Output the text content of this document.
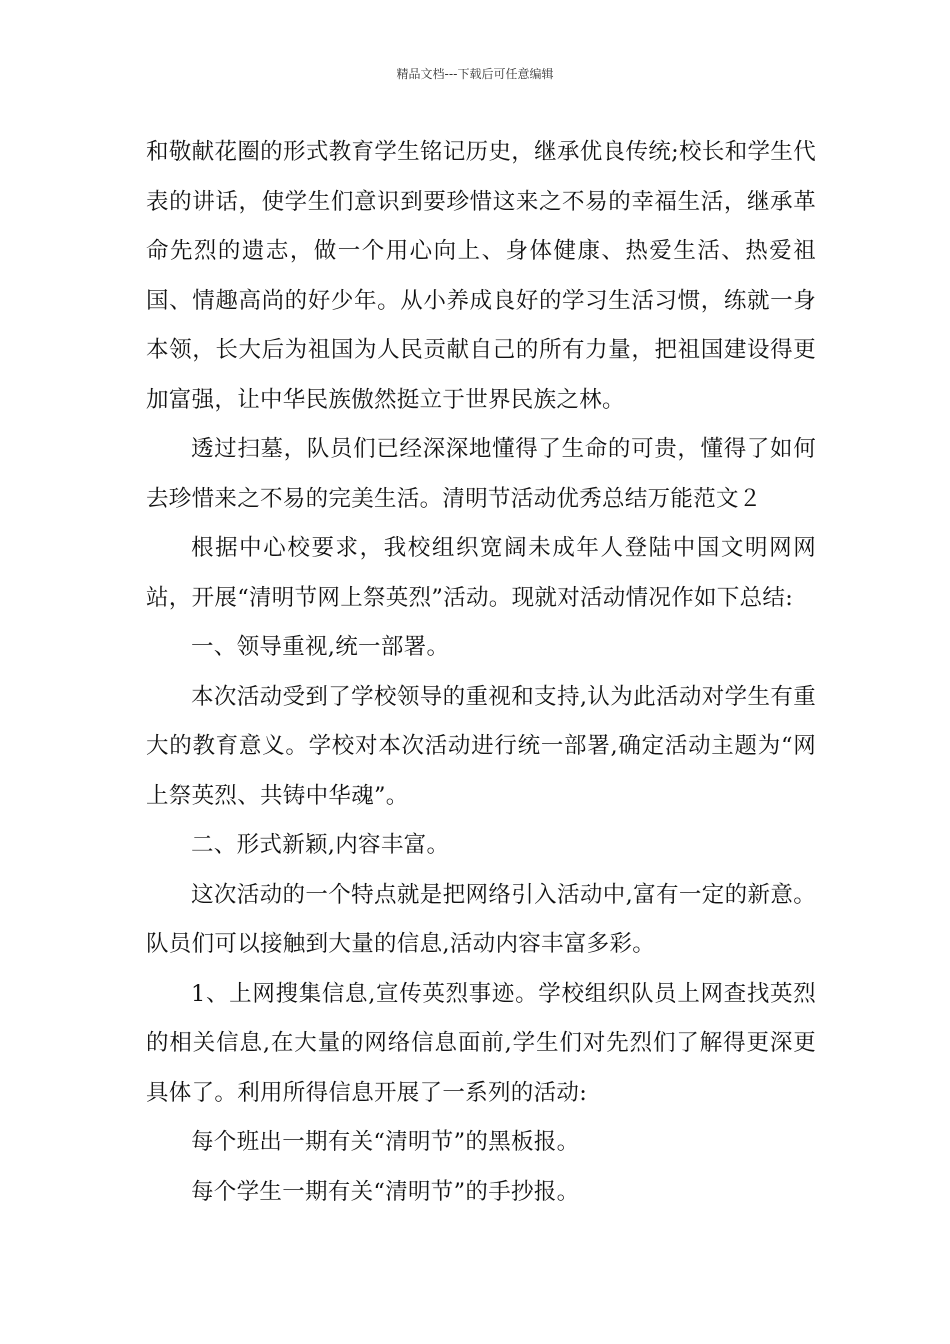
精品文档---下载后可任意编辑

和敬献花圈的形式教育学生铭记历史，继承优良传统;校长和学生代表的讲话，使学生们意识到要珍惜这来之不易的幸福生活，继承革命先烈的遗志，做一个用心向上、身体健康、热爱生活、热爱祖国、情趣高尚的好少年。从小养成良好的学习生活习惯，练就一身本领，长大后为祖国为人民贡献自己的所有力量，把祖国建设得更加富强，让中华民族傲然挺立于世界民族之林。

透过扫墓，队员们已经深深地懂得了生命的可贵，懂得了如何去珍惜来之不易的完美生活。清明节活动优秀总结万能范文２

根据中心校要求，我校组织宽阔未成年人登陆中国文明网网站，开展“清明节网上祭英烈”活动。现就对活动情况作如下总结:

一、领导重视,统一部署。

本次活动受到了学校领导的重视和支持,认为此活动对学生有重大的教育意义。学校对本次活动进行统一部署,确定活动主题为“网上祭英烈、共铸中华魂”。

二、形式新颖,内容丰富。

这次活动的一个特点就是把网络引入活动中,富有一定的新意。队员们可以接触到大量的信息,活动内容丰富多彩。

1、上网搜集信息,宣传英烈事迹。学校组织队员上网查找英烈的相关信息,在大量的网络信息面前,学生们对先烈们了解得更深更具体了。利用所得信息开展了一系列的活动:

每个班出一期有关“清明节”的黑板报。

每个学生一期有关“清明节”的手抄报。
